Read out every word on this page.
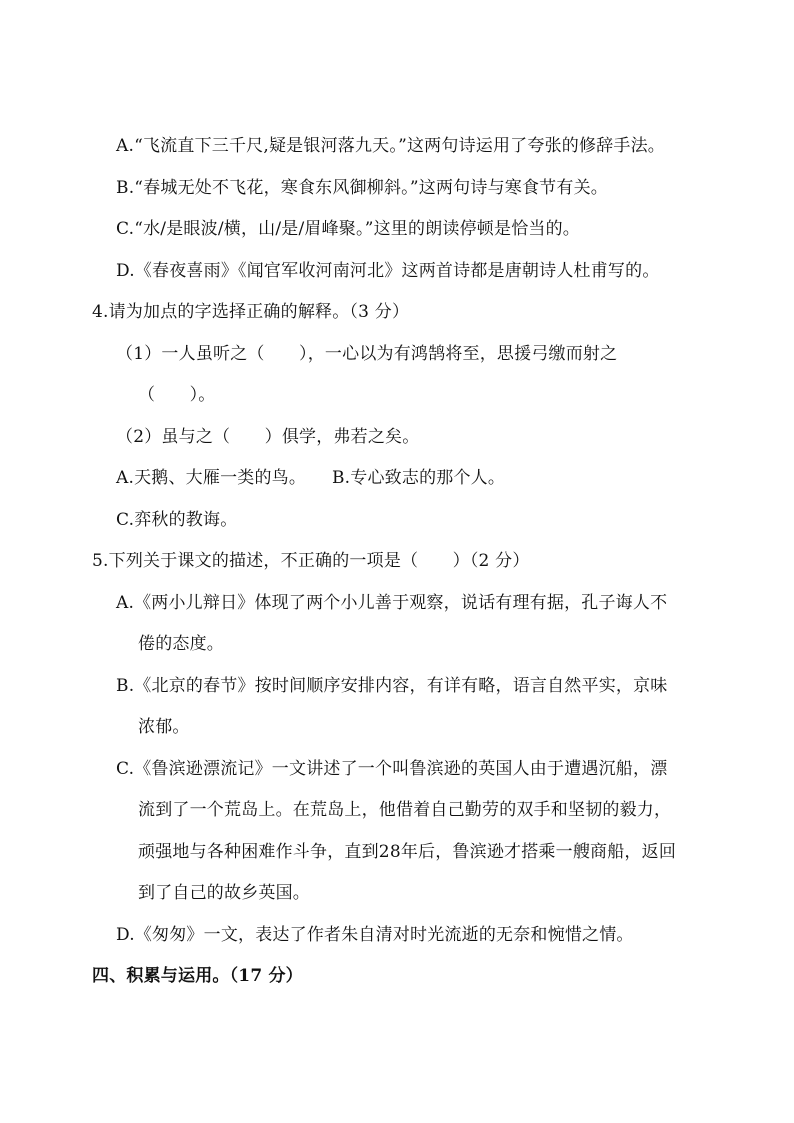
A.“飞流直下三千尺,疑是银河落九天。”这两句诗运用了夸张的修辞手法。
B.“春城无处不飞花，寒食东风御柳斜。”这两句诗与寒食节有关。
C.“水/是眼波/横，山/是/眉峰聚。”这里的朗读停顿是恰当的。
D.《春夜喜雨》《闻官军收河南河北》这两首诗都是唐朝诗人杜甫写的。
4.请为加点的字选择正确的解释。（3 分）
（1）一人虽听之（　　），一心以为有鸿鹄将至，思援弓缴而射之
（　　）。
（2）虽与之（　　）俱学，弗若之矣。
A.天鹅、大雁一类的鸟。　　B.专心致志的那个人。
C.弈秋的教诲。
5.下列关于课文的描述，不正确的一项是（　　）（2 分）
A.《两小儿辩日》体现了两个小儿善于观察，说话有理有据，孔子诲人不
倦的态度。
B.《北京的春节》按时间顺序安排内容，有详有略，语言自然平实，京味
浓郁。
C.《鲁滨逊漂流记》一文讲述了一个叫鲁滨逊的英国人由于遭遇沉船，漂
流到了一个荒岛上。在荒岛上，他借着自己勤劳的双手和坚韧的毅力，
顽强地与各种困难作斗争，直到28年后，鲁滨逊才搭乘一艘商船，返回
到了自己的故乡英国。
D.《匆匆》一文，表达了作者朱自清对时光流逝的无奈和惋惜之情。
四、积累与运用。（17 分）
